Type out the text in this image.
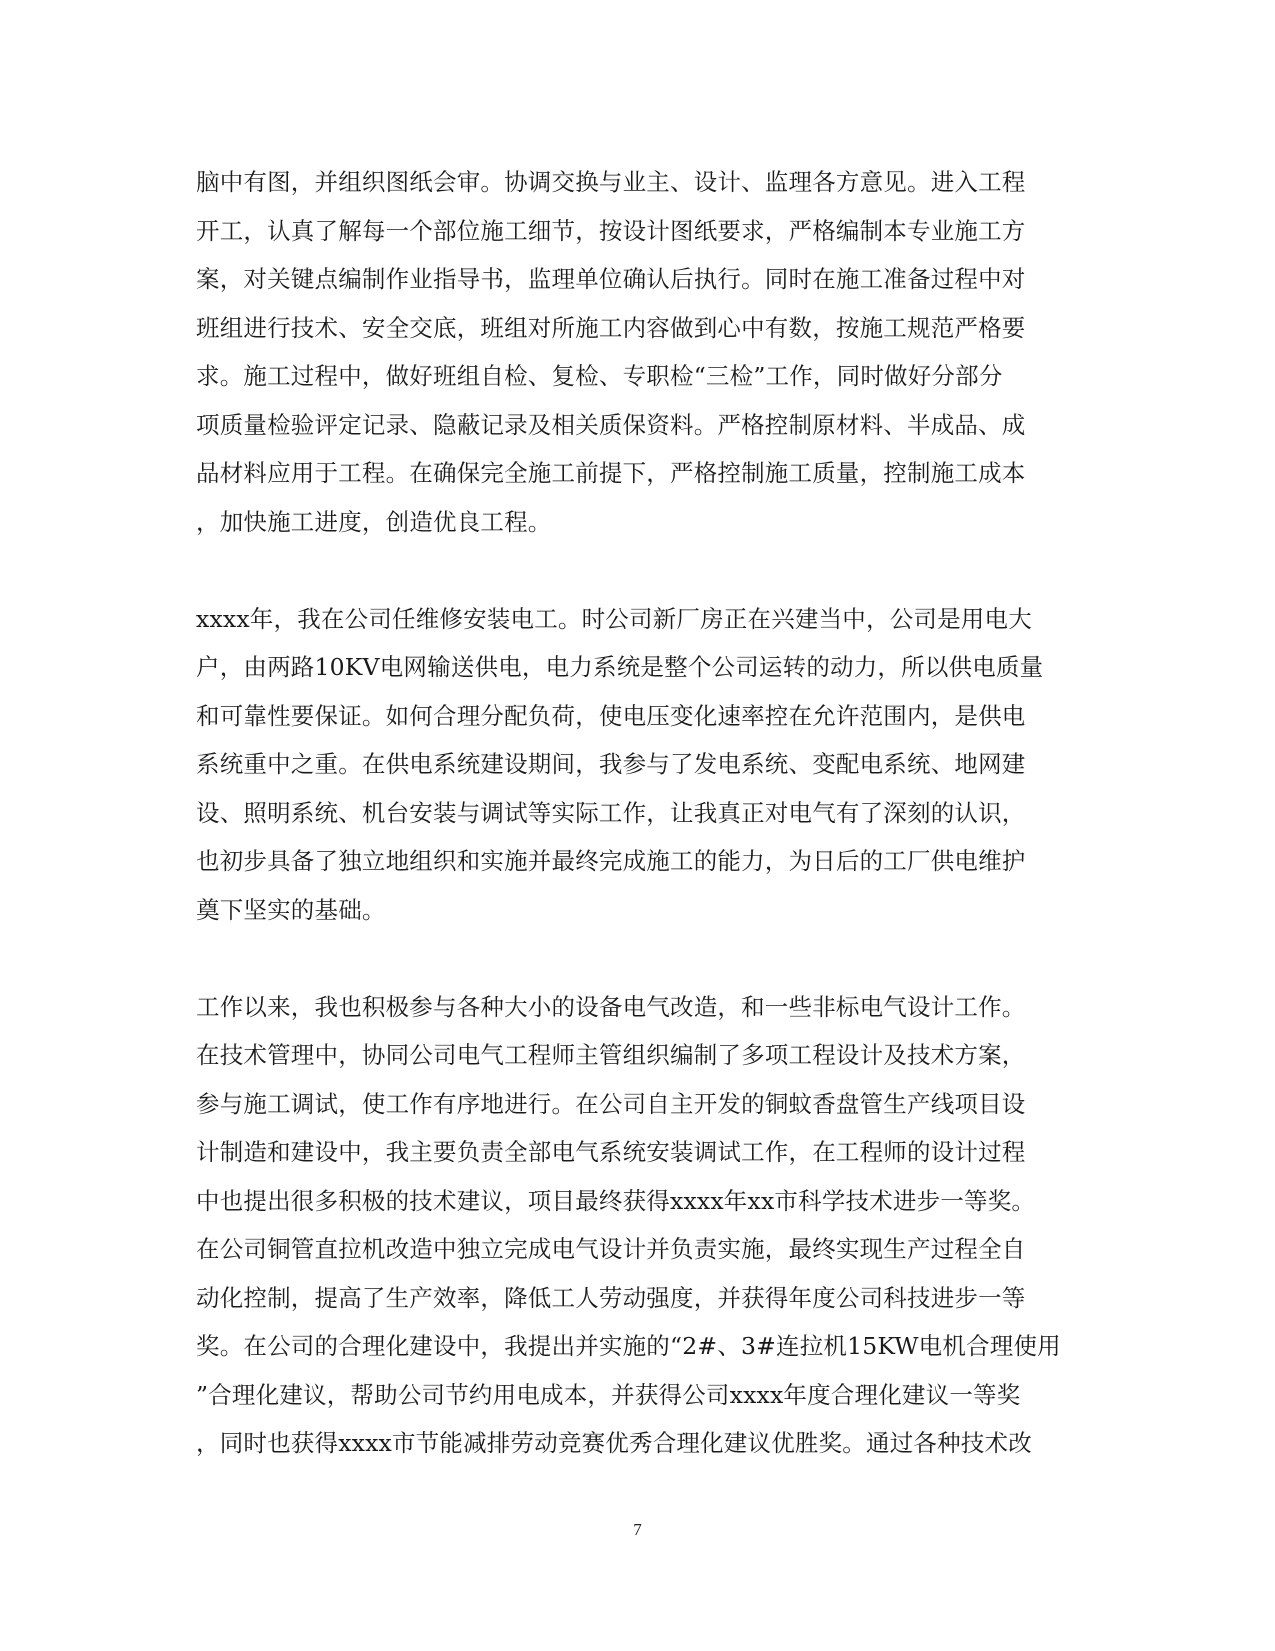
脑中有图，并组织图纸会审。协调交换与业主、设计、监理各方意见。进入工程
开工，认真了解每一个部位施工细节，按设计图纸要求，严格编制本专业施工方
案，对关键点编制作业指导书，监理单位确认后执行。同时在施工准备过程中对
班组进行技术、安全交底，班组对所施工内容做到心中有数，按施工规范严格要
求。施工过程中，做好班组自检、复检、专职检“三检”工作，同时做好分部分
项质量检验评定记录、隐蔽记录及相关质保资料。严格控制原材料、半成品、成
品材料应用于工程。在确保完全施工前提下，严格控制施工质量，控制施工成本
，加快施工进度，创造优良工程。
xxxx年，我在公司任维修安装电工。时公司新厂房正在兴建当中，公司是用电大
户，由两路10KV电网输送供电，电力系统是整个公司运转的动力，所以供电质量
和可靠性要保证。如何合理分配负荷，使电压变化速率控在允许范围内，是供电
系统重中之重。在供电系统建设期间，我参与了发电系统、变配电系统、地网建
设、照明系统、机台安装与调试等实际工作，让我真正对电气有了深刻的认识，
也初步具备了独立地组织和实施并最终完成施工的能力，为日后的工厂供电维护
奠下坚实的基础。
工作以来，我也积极参与各种大小的设备电气改造，和一些非标电气设计工作。
在技术管理中，协同公司电气工程师主管组织编制了多项工程设计及技术方案，
参与施工调试，使工作有序地进行。在公司自主开发的铜蚊香盘管生产线项目设
计制造和建设中，我主要负责全部电气系统安装调试工作，在工程师的设计过程
中也提出很多积极的技术建议，项目最终获得xxxx年xx市科学技术进步一等奖。
在公司铜管直拉机改造中独立完成电气设计并负责实施，最终实现生产过程全自
动化控制，提高了生产效率，降低工人劳动强度，并获得年度公司科技进步一等
奖。在公司的合理化建设中，我提出并实施的“2#、3#连拉机15KW电机合理使用
”合理化建议，帮助公司节约用电成本，并获得公司xxxx年度合理化建议一等奖
，同时也获得xxxx市节能减排劳动竞赛优秀合理化建议优胜奖。通过各种技术改
7
